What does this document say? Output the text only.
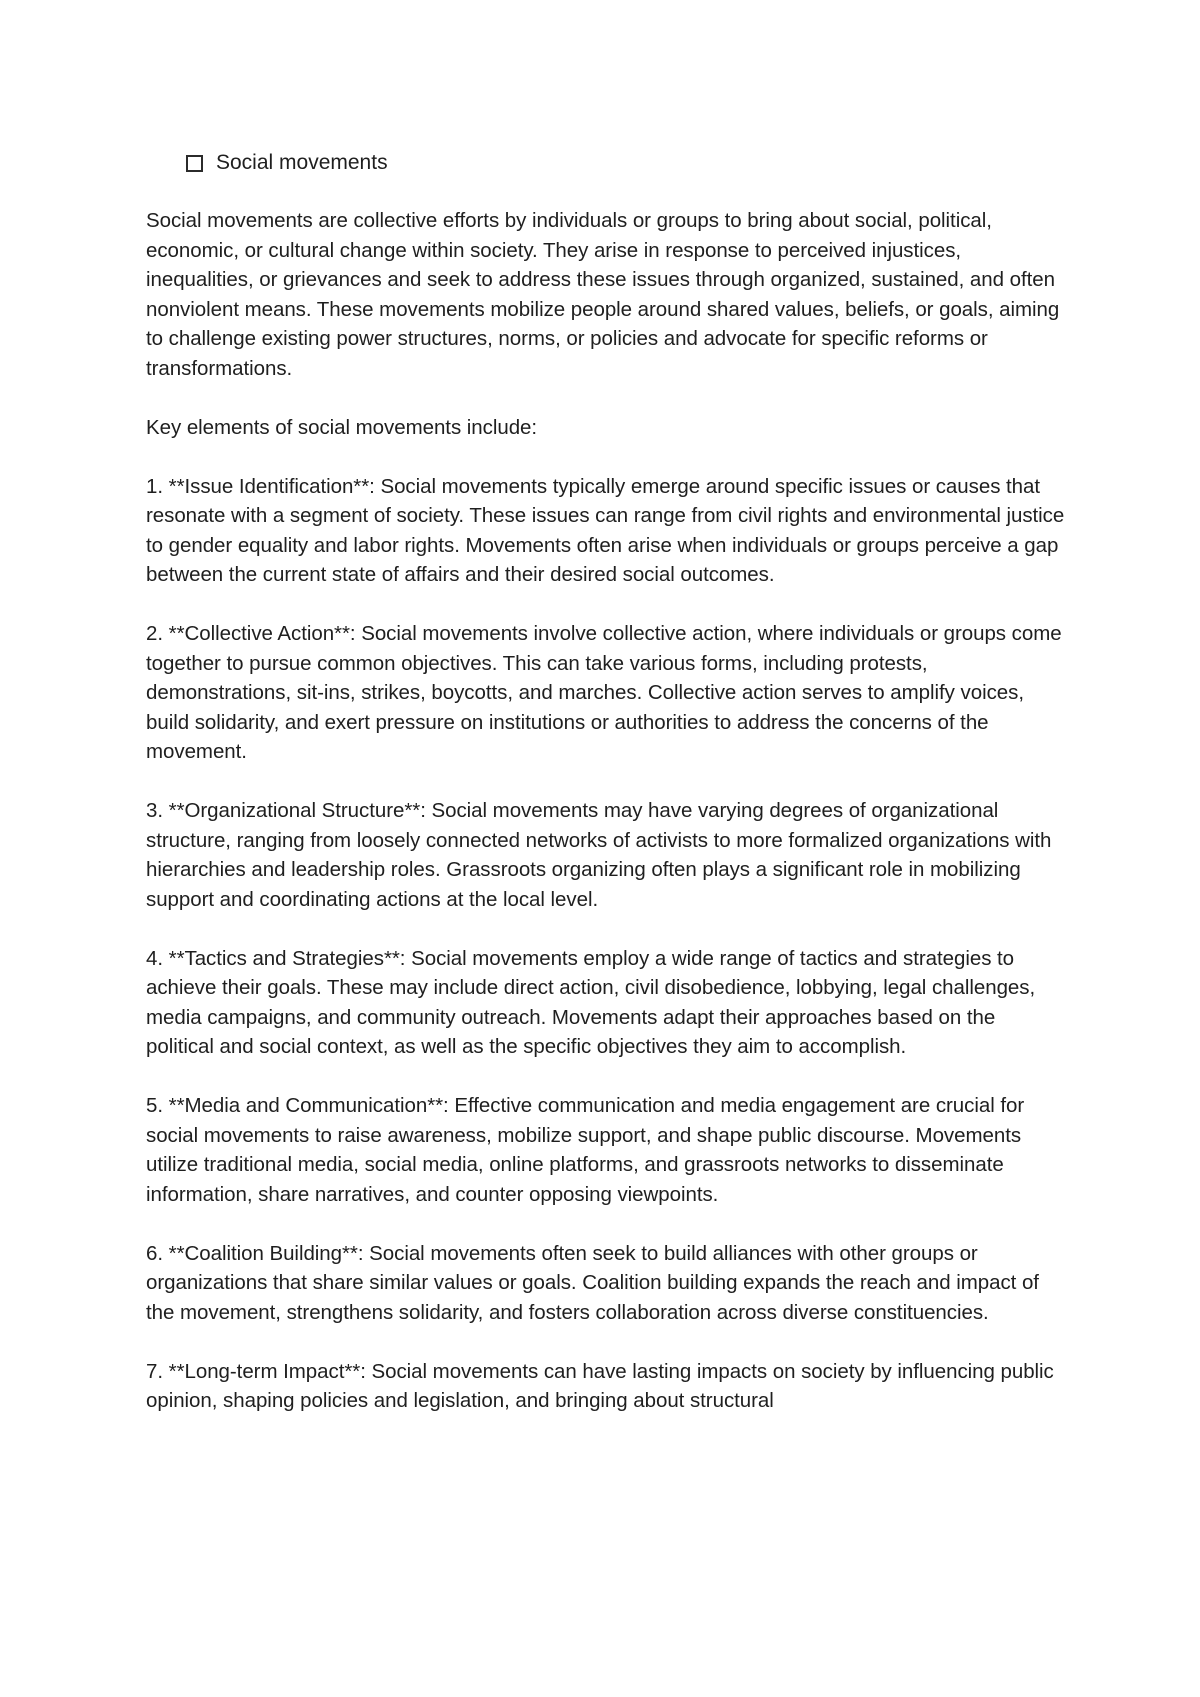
Social movements

Social movements are collective efforts by individuals or groups to bring about social, political, economic, or cultural change within society. They arise in response to perceived injustices, inequalities, or grievances and seek to address these issues through organized, sustained, and often nonviolent means. These movements mobilize people around shared values, beliefs, or goals, aiming to challenge existing power structures, norms, or policies and advocate for specific reforms or transformations.

Key elements of social movements include:

1. **Issue Identification**: Social movements typically emerge around specific issues or causes that resonate with a segment of society. These issues can range from civil rights and environmental justice to gender equality and labor rights. Movements often arise when individuals or groups perceive a gap between the current state of affairs and their desired social outcomes.

2. **Collective Action**: Social movements involve collective action, where individuals or groups come together to pursue common objectives. This can take various forms, including protests, demonstrations, sit-ins, strikes, boycotts, and marches. Collective action serves to amplify voices, build solidarity, and exert pressure on institutions or authorities to address the concerns of the movement.

3. **Organizational Structure**: Social movements may have varying degrees of organizational structure, ranging from loosely connected networks of activists to more formalized organizations with hierarchies and leadership roles. Grassroots organizing often plays a significant role in mobilizing support and coordinating actions at the local level.

4. **Tactics and Strategies**: Social movements employ a wide range of tactics and strategies to achieve their goals. These may include direct action, civil disobedience, lobbying, legal challenges, media campaigns, and community outreach. Movements adapt their approaches based on the political and social context, as well as the specific objectives they aim to accomplish.

5. **Media and Communication**: Effective communication and media engagement are crucial for social movements to raise awareness, mobilize support, and shape public discourse. Movements utilize traditional media, social media, online platforms, and grassroots networks to disseminate information, share narratives, and counter opposing viewpoints.

6. **Coalition Building**: Social movements often seek to build alliances with other groups or organizations that share similar values or goals. Coalition building expands the reach and impact of the movement, strengthens solidarity, and fosters collaboration across diverse constituencies.

7. **Long-term Impact**: Social movements can have lasting impacts on society by influencing public opinion, shaping policies and legislation, and bringing about structural
